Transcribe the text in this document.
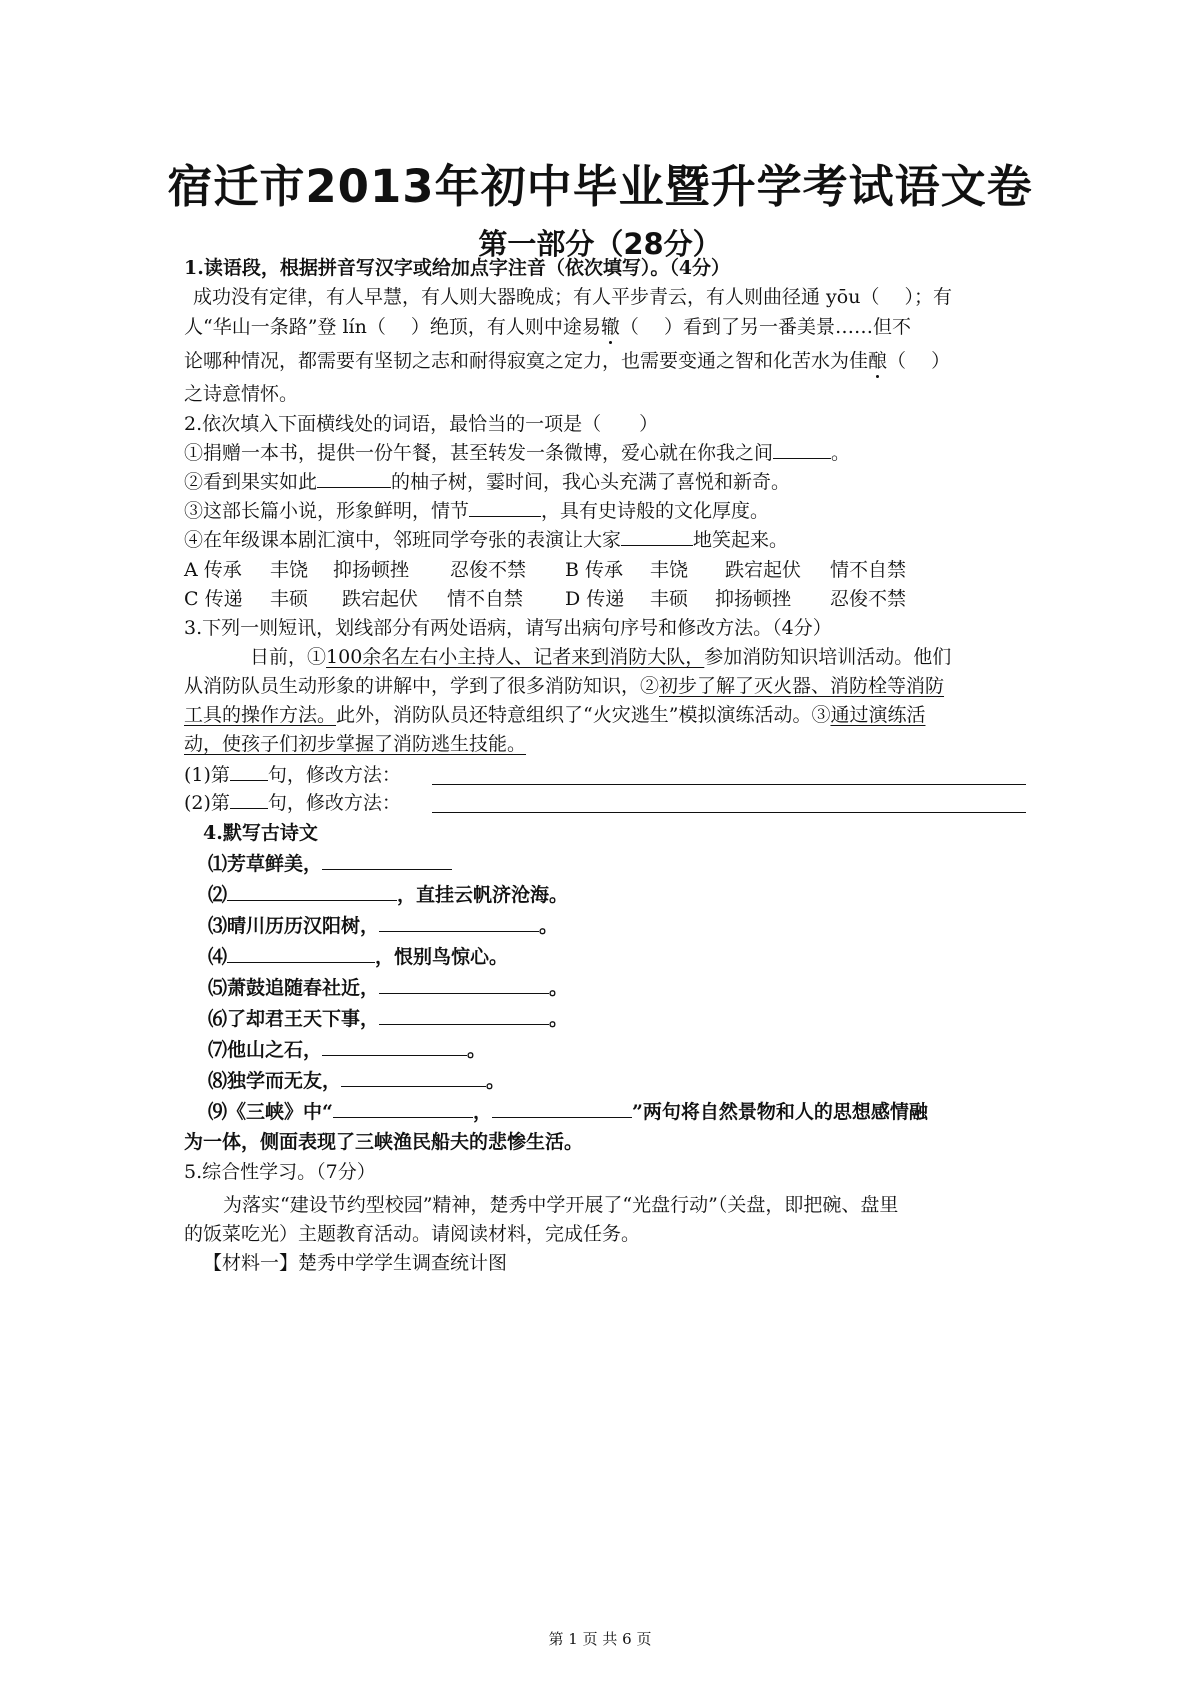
宿迁市2013年初中毕业暨升学考试语文卷
第一部分（28分）
1.读语段，根据拼音写汉字或给加点字注音（依次填写）。（4分）
成功没有定律，有人早慧，有人则大器晚成；有人平步青云，有人则曲径通 yōu（　 ）；有
人“华山一条路”登 lín（　 ）绝顶，有人则中途易辙（　 ）看到了另一番美景……但不
论哪种情况，都需要有坚韧之志和耐得寂寞之定力，也需要变通之智和化苦水为佳酿（　 ）
之诗意情怀。
2.依次填入下面横线处的词语，最恰当的一项是（　　）
①捐赠一本书，提供一份午餐，甚至转发一条微博，爱心就在你我之间	。
②看到果实如此	的柚子树，霎时间，我心头充满了喜悦和新奇。
③这部长篇小说，形象鲜明，情节	，具有史诗般的文化厚度。
④在年级课本剧汇演中，邻班同学夸张的表演让大家	地笑起来。
A 传承 丰饶 抑扬顿挫 忍俊不禁 B 传承 丰饶 跌宕起伏 情不自禁
C 传递 丰硕 跌宕起伏 情不自禁 D 传递 丰硕 抑扬顿挫 忍俊不禁
3.下列一则短讯，划线部分有两处语病，请写出病句序号和修改方法。（4分）
日前，①100余名左右小主持人、记者来到消防大队，参加消防知识培训活动。他们
从消防队员生动形象的讲解中，学到了很多消防知识，②初步了解了灭火器、消防栓等消防
工具的操作方法。此外，消防队员还特意组织了“火灾逃生”模拟演练活动。③通过演练活
动，使孩子们初步掌握了消防逃生技能。
(1)第 句，修改方法：
(2)第 句，修改方法：
4.默写古诗文
⑴芳草鲜美，
⑵	，直挂云帆济沧海。
⑶晴川历历汉阳树，	。
⑷	，恨别鸟惊心。
⑸萧鼓追随春社近，	。
⑹了却君王天下事，	。
⑺他山之石，	。
⑻独学而无友，	。
⑼《三峡》中“	，	”两句将自然景物和人的思想感情融
为一体，侧面表现了三峡渔民船夫的悲惨生活。
5.综合性学习。（7分）
为落实“建设节约型校园”精神，楚秀中学开展了“光盘行动”（关盘，即把碗、盘里
的饭菜吃光）主题教育活动。请阅读材料，完成任务。
【材料一】楚秀中学学生调查统计图
第 1 页 共 6 页
